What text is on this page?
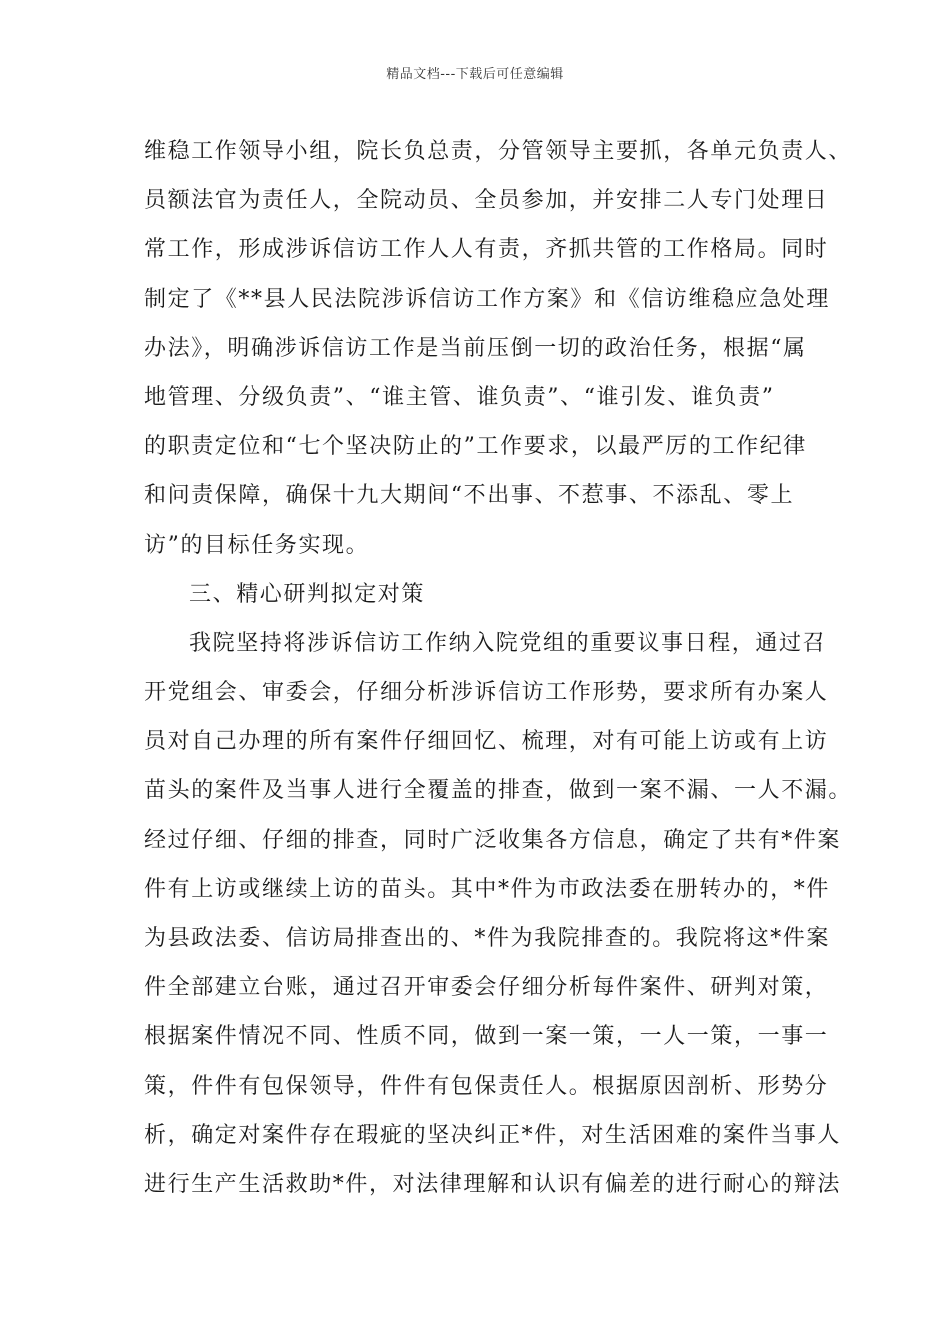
精品文档---下载后可任意编辑
维稳工作领导小组，院长负总责，分管领导主要抓，各单元负责人、
员额法官为责任人，全院动员、全员参加，并安排二人专门处理日
常工作，形成涉诉信访工作人人有责，齐抓共管的工作格局。同时
制定了《**县人民法院涉诉信访工作方案》和《信访维稳应急处理
办法》，明确涉诉信访工作是当前压倒一切的政治任务，根据“属
地管理、分级负责”、“谁主管、谁负责”、“谁引发、谁负责”
的职责定位和“七个坚决防止的”工作要求，以最严厉的工作纪律
和问责保障，确保十九大期间“不出事、不惹事、不添乱、零上
访”的目标任务实现。
三、精心研判拟定对策
我院坚持将涉诉信访工作纳入院党组的重要议事日程，通过召
开党组会、审委会，仔细分析涉诉信访工作形势，要求所有办案人
员对自己办理的所有案件仔细回忆、梳理，对有可能上访或有上访
苗头的案件及当事人进行全覆盖的排查，做到一案不漏、一人不漏。
经过仔细、仔细的排查，同时广泛收集各方信息，确定了共有*件案
件有上访或继续上访的苗头。其中*件为市政法委在册转办的，*件
为县政法委、信访局排查出的、*件为我院排查的。我院将这*件案
件全部建立台账，通过召开审委会仔细分析每件案件、研判对策，
根据案件情况不同、性质不同，做到一案一策，一人一策，一事一
策，件件有包保领导，件件有包保责任人。根据原因剖析、形势分
析，确定对案件存在瑕疵的坚决纠正*件，对生活困难的案件当事人
进行生产生活救助*件，对法律理解和认识有偏差的进行耐心的辩法
